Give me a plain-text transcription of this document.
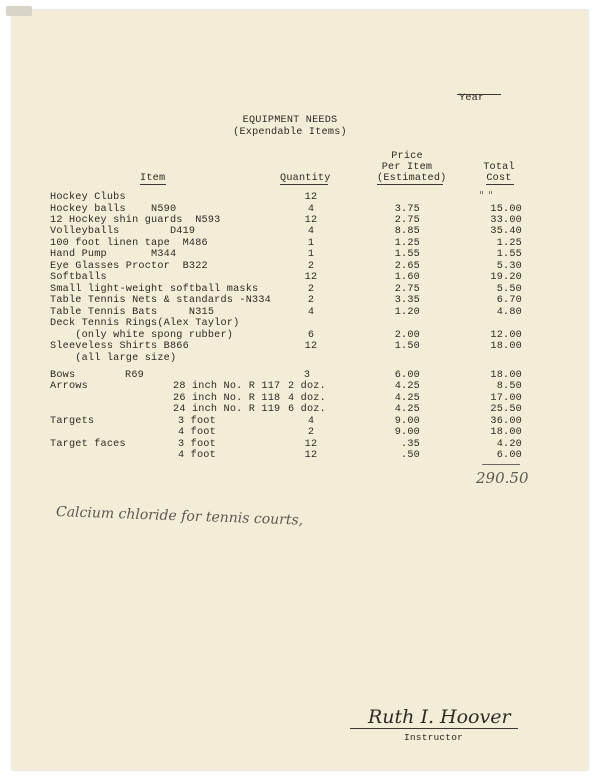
Year
EQUIPMENT NEEDS
(Expendable Items)
Price
Per Item
(Estimated)
Total
Cost
Item	Quantity
Hockey Clubs	12	" "
Hockey balls    N590	4	3.75	15.00
12 Hockey shin guards  N593	12	2.75	33.00
Volleyballs        D419	4	8.85	35.40
100 foot linen tape  M486	1	1.25	1.25
Hand Pump       M344	1	1.55	1.55
Eye Glasses Proctor  B322	2	2.65	5.30
Softballs	12	1.60	19.20
Small light-weight softball masks	2	2.75	5.50
Table Tennis Nets & standards -N334	2	3.35	6.70
Table Tennis Bats     N315	4	1.20	4.80
Deck Tennis Rings(Alex Taylor)
(only white spong rubber)	6	2.00	12.00
Sleeveless Shirts B866	12	1.50	18.00
(all large size)
Bows	R69	3	6.00	18.00
Arrows	28 inch No. R 117 2 doz.	4.25	8.50
26 inch No. R 118 4 doz.	4.25	17.00
24 inch No. R 119 6 doz.	4.25	25.50
Targets	3 foot	4	9.00	36.00
4 foot	2	9.00	18.00
Target faces	3 foot	12	.35	4.20
4 foot	12	.50	6.00
290.50
Calcium chloride for tennis courts,
Ruth I. Hoover
Instructor
